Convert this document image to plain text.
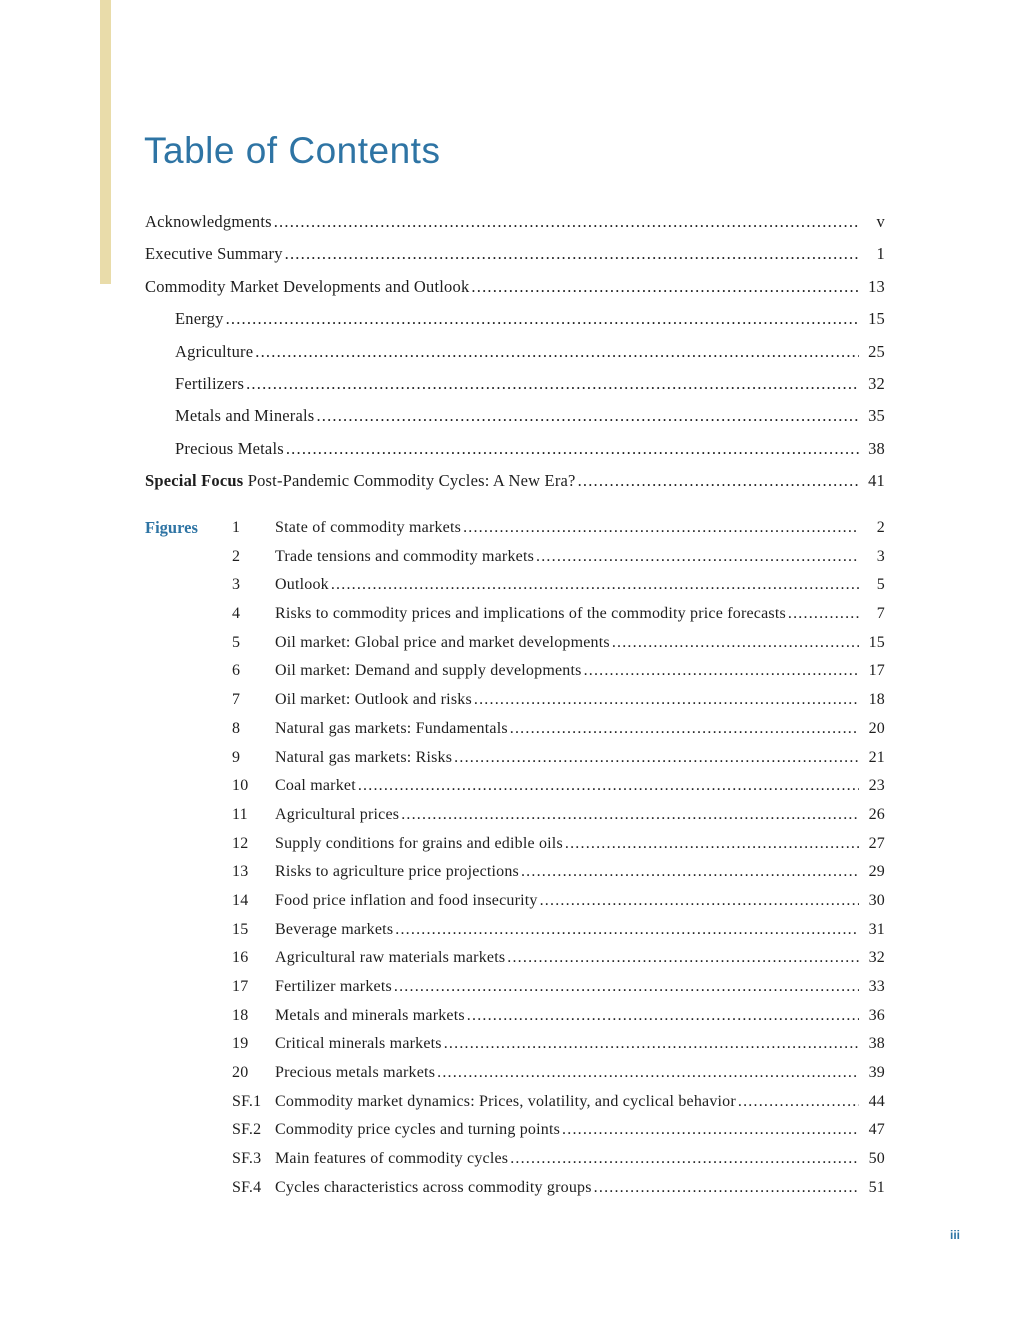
Table of Contents
Acknowledgments .....	v
Executive Summary .....	1
Commodity Market Developments and Outlook .....	13
Energy .....	15
Agriculture .....	25
Fertilizers .....	32
Metals and Minerals .....	35
Precious Metals .....	38
Special Focus Post-Pandemic Commodity Cycles: A New Era? .....	41
Figures 1	State of commodity markets .....	2
2	Trade tensions and commodity markets .....	3
3	Outlook .....	5
4	Risks to commodity prices and implications of the commodity price forecasts .....	7
5	Oil market: Global price and market developments .....	15
6	Oil market: Demand and supply developments .....	17
7	Oil market: Outlook and risks .....	18
8	Natural gas markets: Fundamentals .....	20
9	Natural gas markets: Risks .....	21
10	Coal market .....	23
11	Agricultural prices .....	26
12	Supply conditions for grains and edible oils .....	27
13	Risks to agriculture price projections .....	29
14	Food price inflation and food insecurity .....	30
15	Beverage markets .....	31
16	Agricultural raw materials markets .....	32
17	Fertilizer markets .....	33
18	Metals and minerals markets .....	36
19	Critical minerals markets .....	38
20	Precious metals markets .....	39
SF.1 Commodity market dynamics: Prices, volatility, and cyclical behavior .....	44
SF.2 Commodity price cycles and turning points .....	47
SF.3 Main features of commodity cycles .....	50
SF.4 Cycles characteristics across commodity groups .....	51
iii
